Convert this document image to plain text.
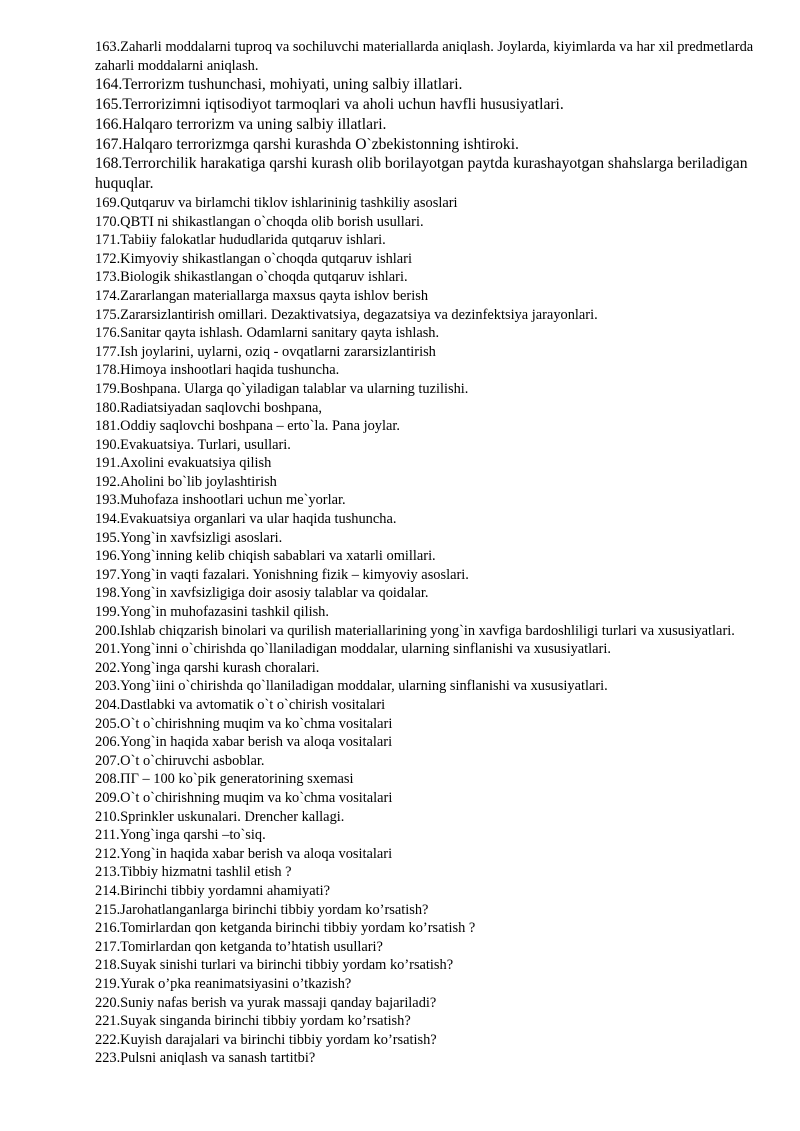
163.Zaharli moddalarni tuproq va sochiluvchi materiallarda aniqlash. Joylarda, kiyimlarda va har xil predmetlarda zaharli moddalarni aniqlash.
164.Terrorizm tushunchasi, mohiyati, uning salbiy illatlari.
165.Terrorizimni iqtisodiyot tarmoqlari va aholi uchun havfli hususiyatlari.
166.Halqaro terrorizm va uning salbiy illatlari.
167.Halqaro terrorizmga qarshi kurashda O`zbekistonning ishtiroki.
168.Terrorchilik harakatiga qarshi kurash olib borilayotgan paytda kurashayotgan shahslarga beriladigan huquqlar.
169.Qutqaruv va birlamchi tiklov ishlarininig tashkiliy asoslari
170.QBTI ni shikastlangan o`choqda olib borish usullari.
171.Tabiiy falokatlar hududlarida qutqaruv ishlari.
172.Kimyoviy shikastlangan o`choqda qutqaruv ishlari
173.Biologik shikastlangan o`choqda qutqaruv ishlari.
174.Zararlangan materiallarga maxsus qayta ishlov berish
175.Zararsizlantirish omillari. Dezaktivatsiya, degazatsiya va dezinfektsiya jarayonlari.
176.Sanitar qayta ishlash. Odamlarni sanitary qayta ishlash.
177.Ish joylarini, uylarni, oziq - ovqatlarni zararsizlantirish
178.Himoya inshootlari haqida tushuncha.
179.Boshpana. Ularga qo`yiladigan talablar va ularning tuzilishi.
180.Radiatsiyadan saqlovchi boshpana,
181.Oddiy saqlovchi boshpana – erto`la. Pana joylar.
190.Evakuatsiya. Turlari, usullari.
191.Axolini evakuatsiya qilish
192.Aholini bo`lib joylashtirish
193.Muhofaza inshootlari uchun me`yorlar.
194.Evakuatsiya organlari va ular haqida tushuncha.
195.Yong`in xavfsizligi asoslari.
196.Yong`inning kelib chiqish sabablari va xatarli omillari.
197.Yong`in vaqti fazalari. Yonishning fizik – kimyoviy asoslari.
198.Yong`in xavfsizligiga doir asosiy talablar va qoidalar.
199.Yong`in muhofazasini tashkil qilish.
200.Ishlab chiqzarish binolari va qurilish materiallarining yong`in xavfiga bardoshliligi turlari va xususiyatlari.
201.Yong`inni o`chirishda qo`llaniladigan moddalar, ularning sinflanishi va xususiyatlari.
202.Yong`inga qarshi kurash choralari.
203.Yong`iini o`chirishda qo`llaniladigan moddalar, ularning sinflanishi va xususiyatlari.
204.Dastlabki va avtomatik o`t o`chirish vositalari
205.O`t o`chirishning muqim va ko`chma vositalari
206.Yong`in haqida xabar berish va aloqa vositalari
207.O`t o`chiruvchi asboblar.
208.ПГ – 100 ko`pik generatorining sxemasi
209.O`t o`chirishning muqim va ko`chma vositalari
210.Sprinkler uskunalari. Drencher kallagi.
211.Yong`inga qarshi –to`siq.
212.Yong`in haqida xabar berish va aloqa vositalari
213.Tibbiy hizmatni tashlil etish ?
214.Birinchi tibbiy yordamni ahamiyati?
215.Jarohatlanganlarga birinchi tibbiy yordam ko’rsatish?
216.Tomirlardan qon ketganda birinchi tibbiy yordam ko’rsatish ?
217.Tomirlardan qon ketganda to’htatish usullari?
218.Suyak sinishi turlari va birinchi tibbiy yordam ko’rsatish?
219.Yurak o’pka reanimatsiyasini o’tkazish?
220.Suniy nafas berish va yurak massaji qanday bajariladi?
221.Suyak singanda birinchi tibbiy yordam ko’rsatish?
222.Kuyish darajalari va birinchi tibbiy yordam ko’rsatish?
223.Pulsni aniqlash va sanash tartitbi?
